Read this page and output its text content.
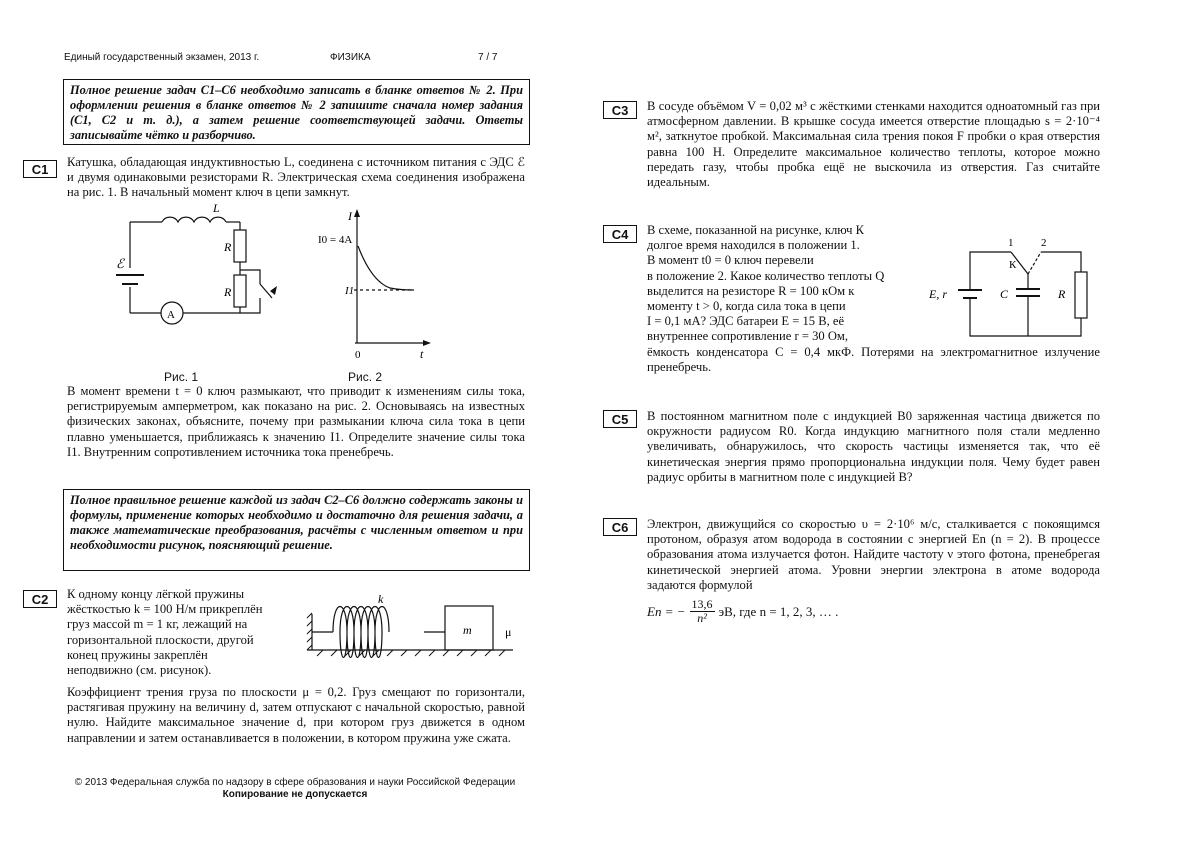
Единый государственный экзамен, 2013 г.	ФИЗИКА	7 / 7
Полное решение задач С1–С6 необходимо записать в бланке ответов № 2. При оформлении решения в бланке ответов № 2 запишите сначала номер задания (С1, С2 и т. д.), а затем решение соответствующей задачи. Ответы записывайте чётко и разборчиво.
С1	Катушка, обладающая индуктивностью L, соединена с источником питания с ЭДС ℰ и двумя одинаковыми резисторами R. Электрическая схема соединения изображена на рис. 1. В начальный момент ключ в цепи замкнут.
L
R
R
ℰ
A
I
I0 = 4A
I1
0	t
Рис. 1	Рис. 2
В момент времени t = 0 ключ размыкают, что приводит к изменениям силы тока, регистрируемым амперметром, как показано на рис. 2. Основываясь на известных физических законах, объясните, почему при размыкании ключа сила тока в цепи плавно уменьшается, приближаясь к значению I1. Определите значение силы тока I1. Внутренним сопротивлением источника тока пренебречь.
Полное правильное решение каждой из задач С2–С6 должно содержать законы и формулы, применение которых необходимо и достаточно для решения задачи, а также математические преобразования, расчёты с численным ответом и при необходимости рисунок, поясняющий решение.
С2	К одному концу лёгкой пружины
жёсткостью k = 100 Н/м прикреплён
груз массой m = 1 кг, лежащий на
горизонтальной плоскости, другой
конец пружины закреплён
неподвижно (см. рисунок).
k
m	μ
Коэффициент трения груза по плоскости μ = 0,2. Груз смещают по горизонтали, растягивая пружину на величину d, затем отпускают с начальной скоростью, равной нулю. Найдите максимальное значение d, при котором груз движется в одном направлении и затем останавливается в положении, в котором пружина уже сжата.
© 2013 Федеральная служба по надзору в сфере образования и науки Российской Федерации
Копирование не допускается
С3	В сосуде объёмом V = 0,02 м³ с жёсткими стенками находится одноатомный газ при атмосферном давлении. В крышке сосуда имеется отверстие площадью s = 2·10⁻⁴ м², заткнутое пробкой. Максимальная сила трения покоя F пробки о края отверстия равна 100 Н. Определите максимальное количество теплоты, которое можно передать газу, чтобы пробка ещё не выскочила из отверстия. Газ считайте идеальным.
С4	В схеме, показанной на рисунке, ключ К
долгое время находился в положении 1.
В момент t0 = 0 ключ перевели
в положение 2. Какое количество теплоты Q
выделится на резисторе R = 100 кОм к
моменту t > 0, когда сила тока в цепи
I = 0,1 мА? ЭДС батареи E = 15 В, её
внутреннее сопротивление r = 30 Ом,
ёмкость конденсатора C = 0,4 мкФ. Потерями на электромагнитное излучение пренебречь.
1	2
К
E, r	C	R
С5	В постоянном магнитном поле с индукцией B0 заряженная частица движется по окружности радиусом R0. Когда индукцию магнитного поля стали медленно увеличивать, обнаружилось, что скорость частицы изменяется так, что её кинетическая энергия прямо пропорциональна индукции поля. Чему будет равен радиус орбиты в магнитном поле с индукцией B?
С6	Электрон, движущийся со скоростью υ = 2·10⁶ м/с, сталкивается с покоящимся протоном, образуя атом водорода в состоянии с энергией En (n = 2). В процессе образования атома излучается фотон. Найдите частоту ν этого фотона, пренебрегая кинетической энергией атома. Уровни энергии электрона в атоме водорода задаются формулой
En = − $\frac{13,6}{\text{n²}}$ эВ, где n = 1, 2, 3, … .
